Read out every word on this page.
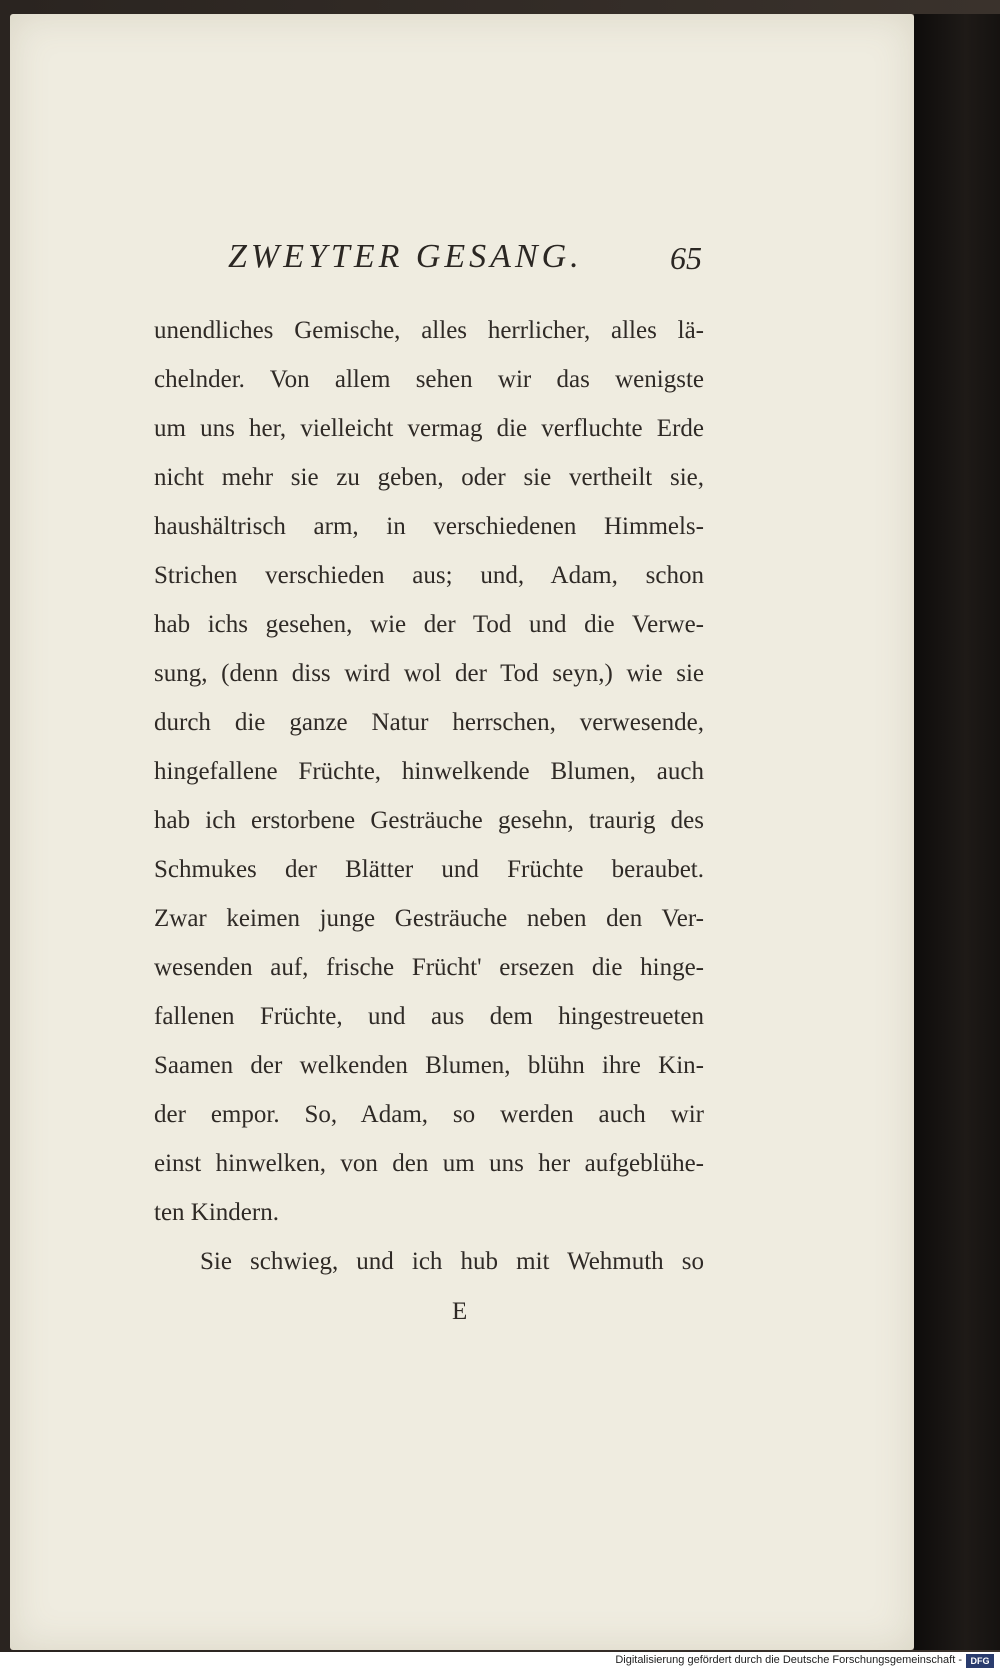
ZWEYTER GESANG.	65
unendliches Gemische, alles herrlicher, alles lä-
chelnder. Von allem sehen wir das wenigste
um uns her, vielleicht vermag die verfluchte Erde
nicht mehr sie zu geben, oder sie vertheilt sie,
haushältrisch arm, in verschiedenen Himmels-
Strichen verschieden aus; und, Adam, schon
hab ichs gesehen, wie der Tod und die Verwe-
sung, (denn diss wird wol der Tod seyn,) wie sie
durch die ganze Natur herrschen, verwesende,
hingefallene Früchte, hinwelkende Blumen, auch
hab ich erstorbene Gesträuche gesehn, traurig des
Schmukes der Blätter und Früchte beraubet.
Zwar keimen junge Gesträuche neben den Ver-
wesenden auf, frische Frücht' ersezen die hinge-
fallenen Früchte, und aus dem hingestreueten
Saamen der welkenden Blumen, blühn ihre Kin-
der empor. So, Adam, so werden auch wir
einst hinwelken, von den um uns her aufgeblühe-
ten Kindern.
Sie schwieg, und ich hub mit Wehmuth so
E
Digitalisierung gefördert durch die Deutsche Forschungsgemeinschaft - DFG
